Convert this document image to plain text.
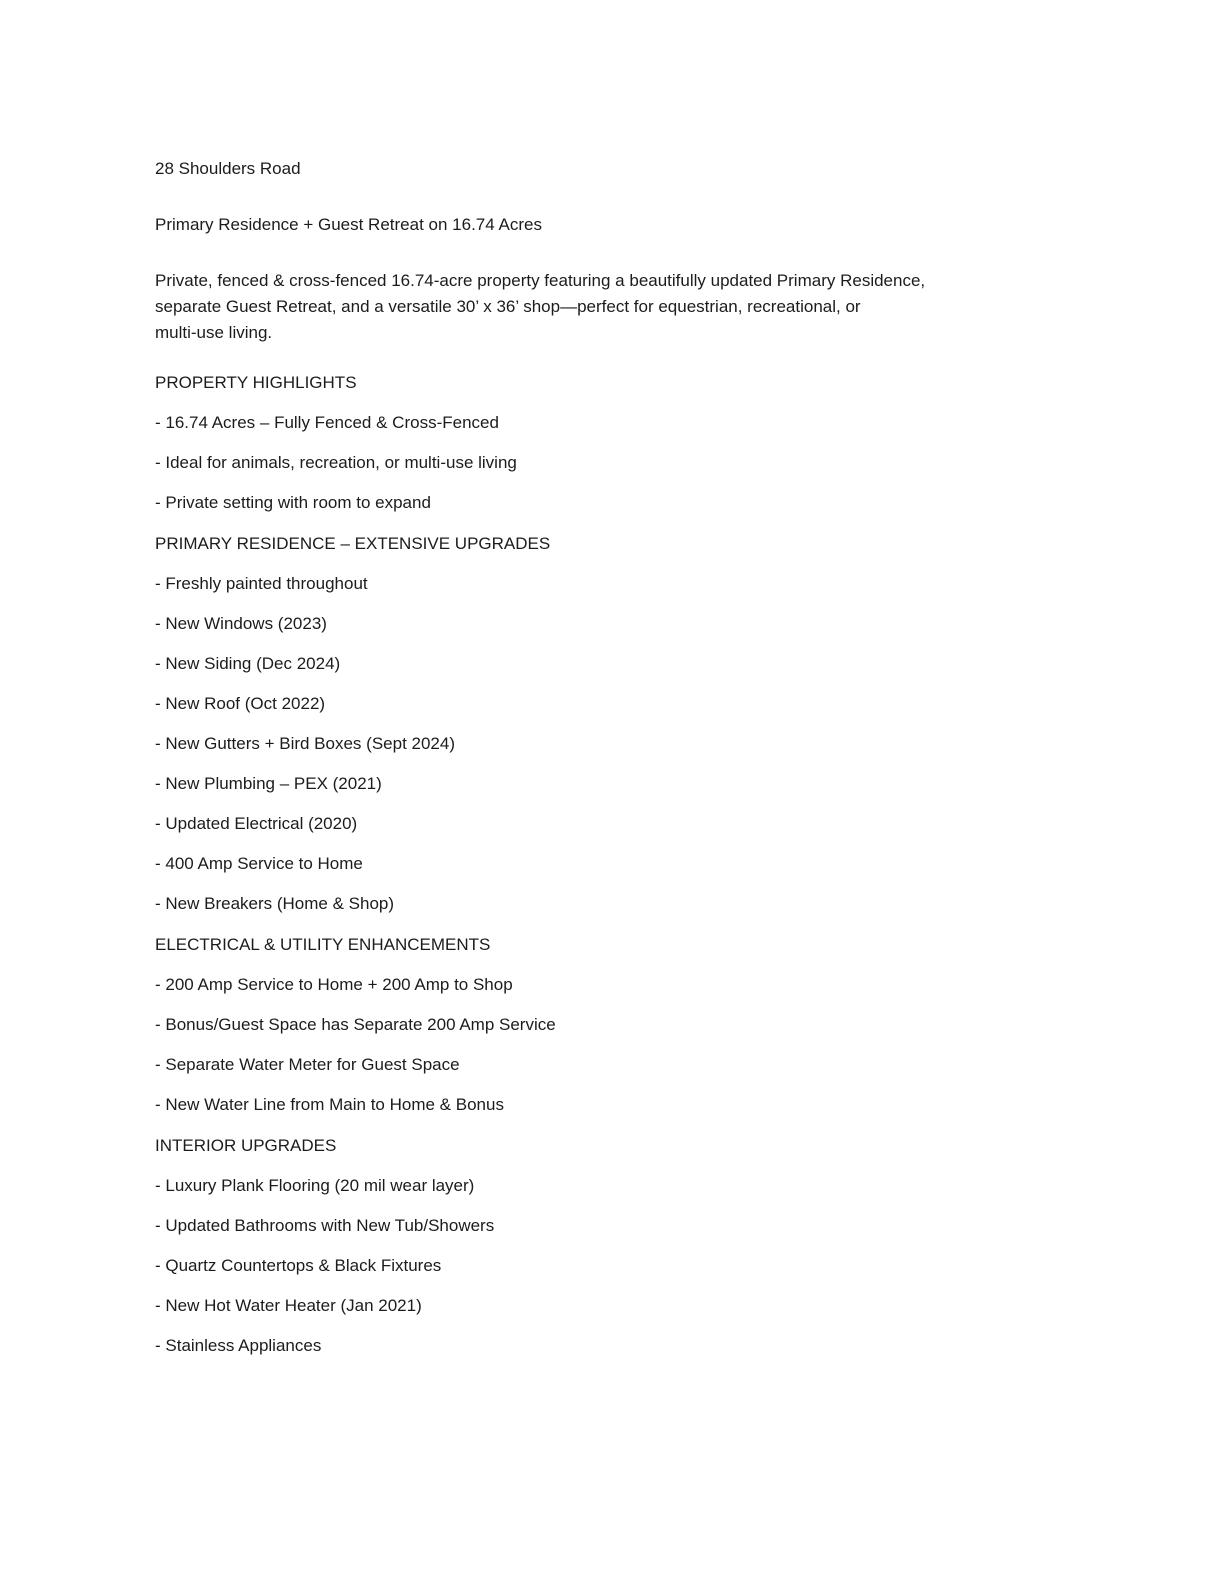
28 Shoulders Road

Primary Residence + Guest Retreat on 16.74 Acres

Private, fenced & cross-fenced 16.74-acre property featuring a beautifully updated Primary Residence,

separate Guest Retreat, and a versatile 30’ x 36’ shop—perfect for equestrian, recreational, or

multi-use living.

PROPERTY HIGHLIGHTS

- 16.74 Acres – Fully Fenced & Cross-Fenced

- Ideal for animals, recreation, or multi-use living

- Private setting with room to expand

PRIMARY RESIDENCE – EXTENSIVE UPGRADES

- Freshly painted throughout

- New Windows (2023)

- New Siding (Dec 2024)

- New Roof (Oct 2022)

- New Gutters + Bird Boxes (Sept 2024)

- New Plumbing – PEX (2021)

- Updated Electrical (2020)

- 400 Amp Service to Home

- New Breakers (Home & Shop)

ELECTRICAL & UTILITY ENHANCEMENTS

- 200 Amp Service to Home + 200 Amp to Shop

- Bonus/Guest Space has Separate 200 Amp Service

- Separate Water Meter for Guest Space

- New Water Line from Main to Home & Bonus

INTERIOR UPGRADES

- Luxury Plank Flooring (20 mil wear layer)

- Updated Bathrooms with New Tub/Showers

- Quartz Countertops & Black Fixtures

- New Hot Water Heater (Jan 2021)

- Stainless Appliances
